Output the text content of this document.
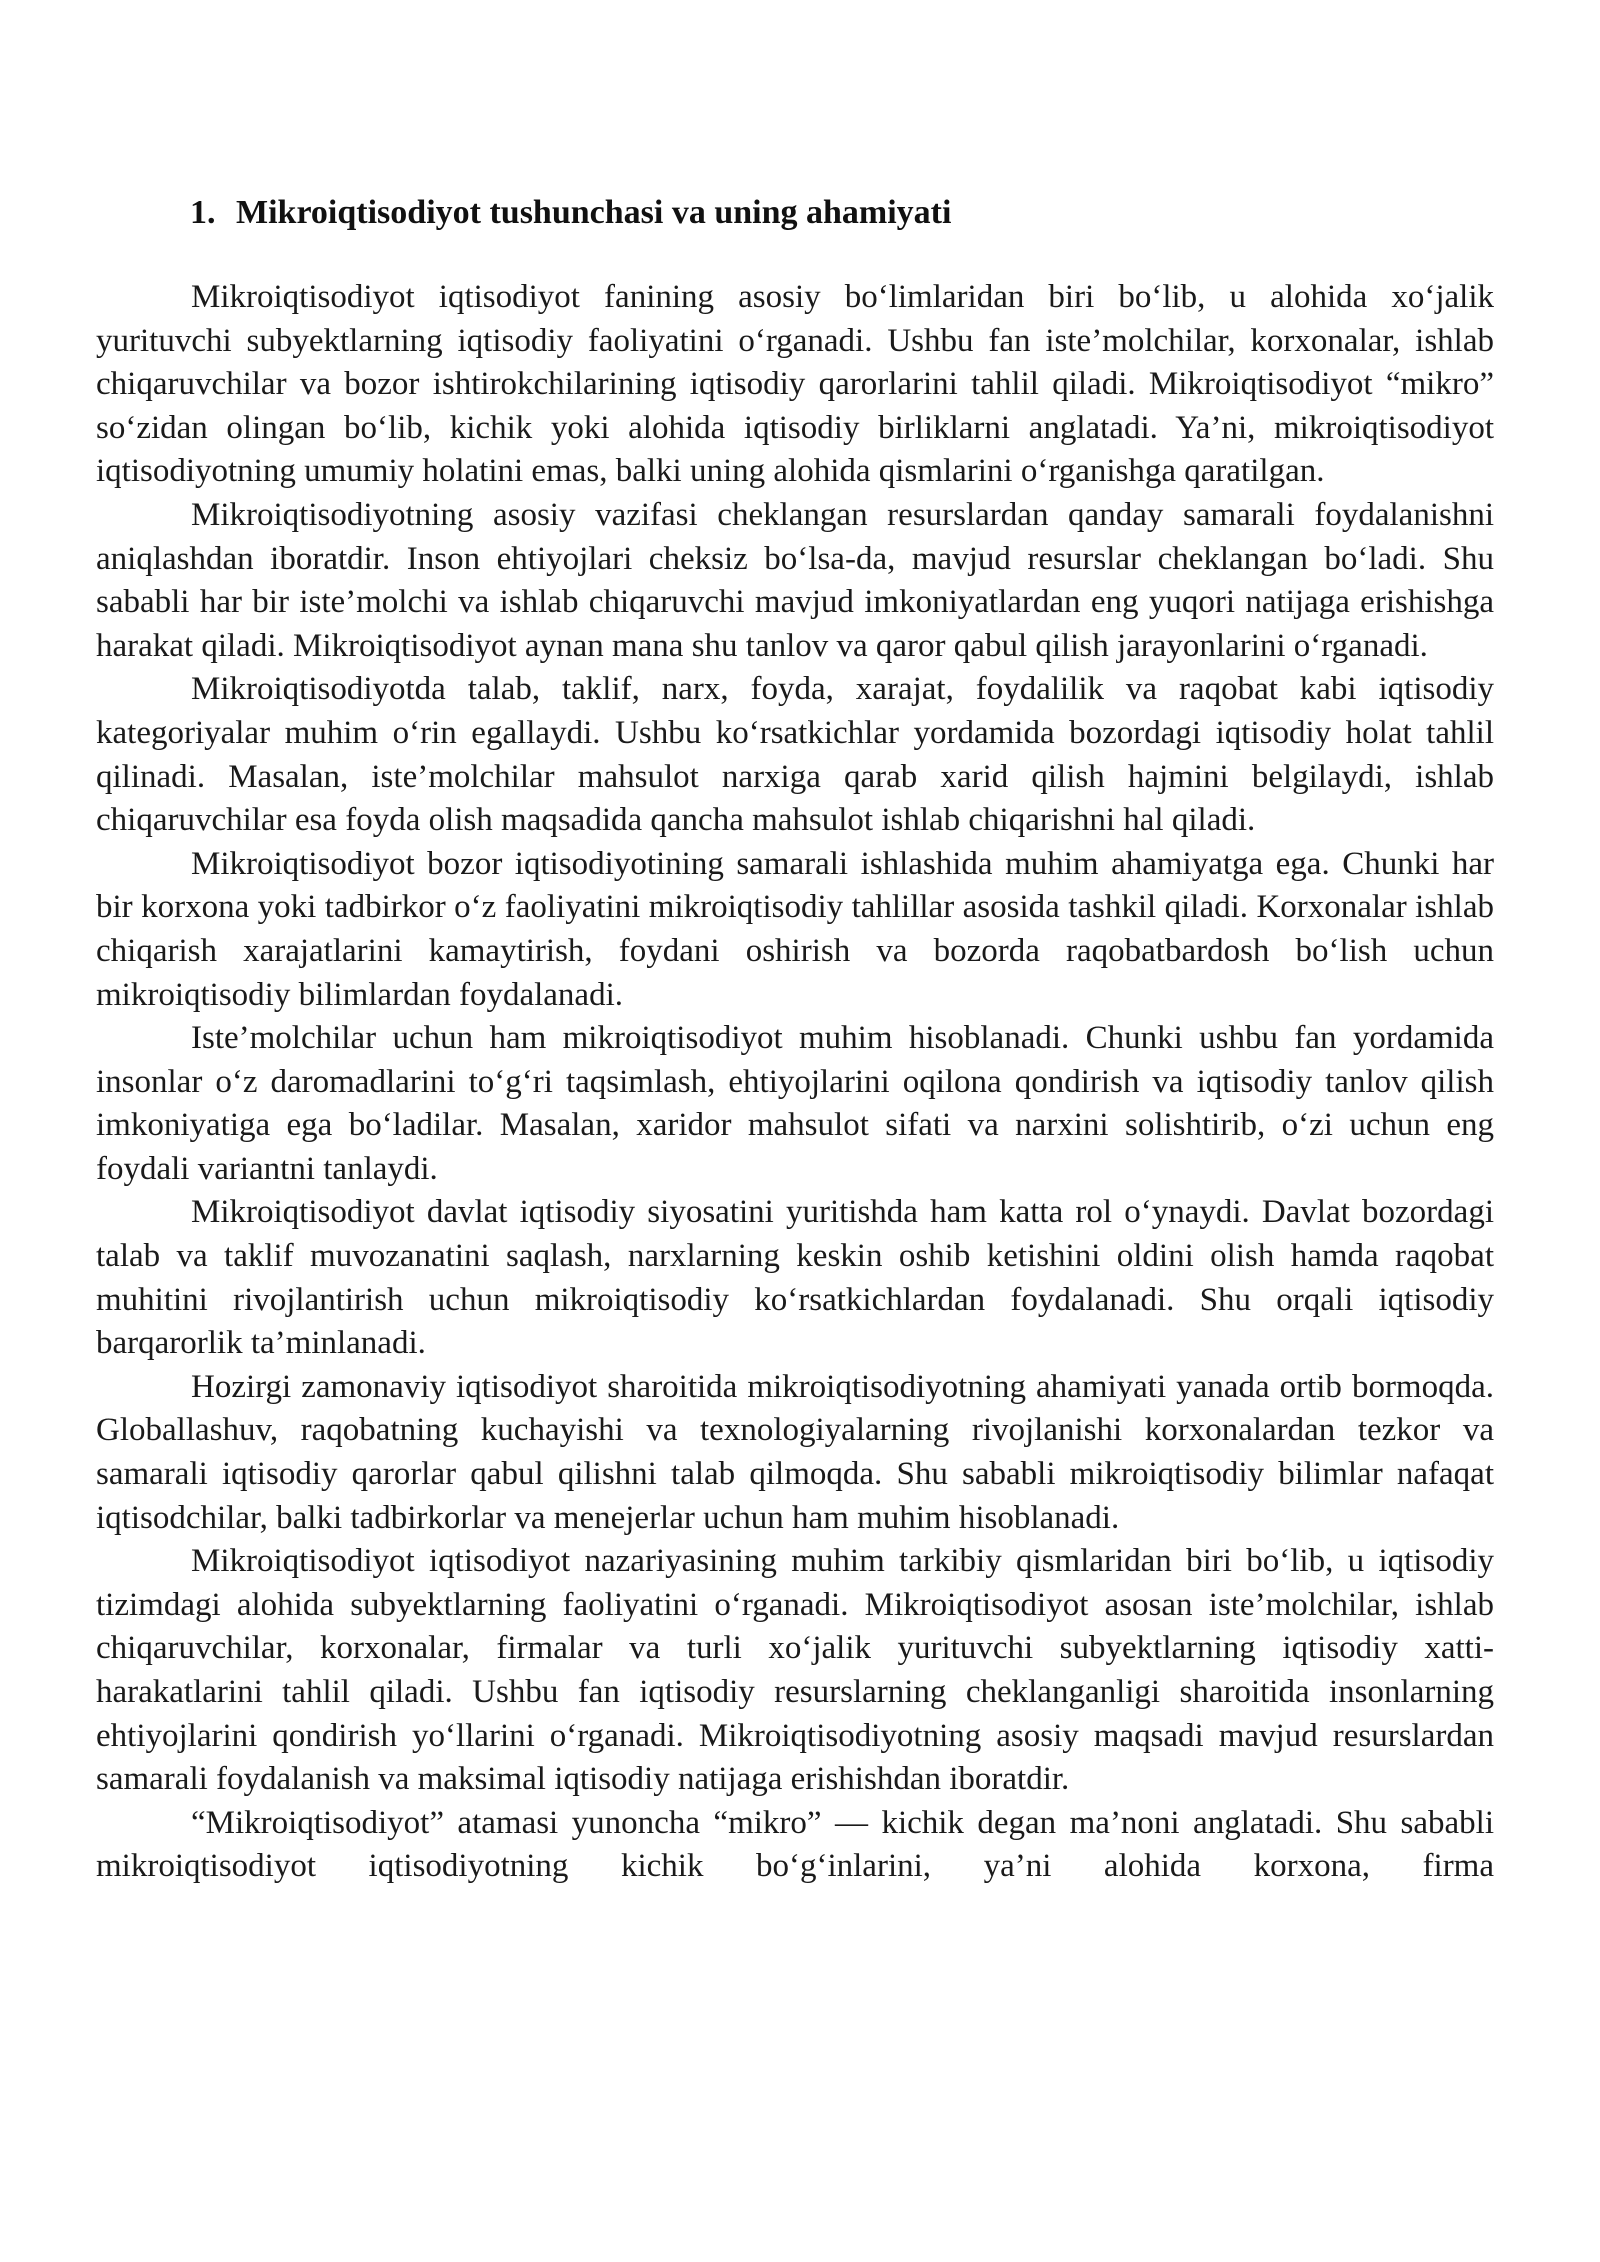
1. Mikroiqtisodiyot tushunchasi va uning ahamiyati

Mikroiqtisodiyot iqtisodiyot fanining asosiy bo‘limlaridan biri bo‘lib, u alohida xo‘jalik yurituvchi subyektlarning iqtisodiy faoliyatini o‘rganadi. Ushbu fan iste’molchilar, korxonalar, ishlab chiqaruvchilar va bozor ishtirokchilarining iqtisodiy qarorlarini tahlil qiladi. Mikroiqtisodiyot “mikro” so‘zidan olingan bo‘lib, kichik yoki alohida iqtisodiy birliklarni anglatadi. Ya’ni, mikroiqtisodiyot iqtisodiyotning umumiy holatini emas, balki uning alohida qismlarini o‘rganishga qaratilgan.

Mikroiqtisodiyotning asosiy vazifasi cheklangan resurslardan qanday samarali foydalanishni aniqlashdan iboratdir. Inson ehtiyojlari cheksiz bo‘lsa-da, mavjud resurslar cheklangan bo‘ladi. Shu sababli har bir iste’molchi va ishlab chiqaruvchi mavjud imkoniyatlardan eng yuqori natijaga erishishga harakat qiladi. Mikroiqtisodiyot aynan mana shu tanlov va qaror qabul qilish jarayonlarini o‘rganadi.

Mikroiqtisodiyotda talab, taklif, narx, foyda, xarajat, foydalilik va raqobat kabi iqtisodiy kategoriyalar muhim o‘rin egallaydi. Ushbu ko‘rsatkichlar yordamida bozordagi iqtisodiy holat tahlil qilinadi. Masalan, iste’molchilar mahsulot narxiga qarab xarid qilish hajmini belgilaydi, ishlab chiqaruvchilar esa foyda olish maqsadida qancha mahsulot ishlab chiqarishni hal qiladi.

Mikroiqtisodiyot bozor iqtisodiyotining samarali ishlashida muhim ahamiyatga ega. Chunki har bir korxona yoki tadbirkor o‘z faoliyatini mikroiqtisodiy tahlillar asosida tashkil qiladi. Korxonalar ishlab chiqarish xarajatlarini kamaytirish, foydani oshirish va bozorda raqobatbardosh bo‘lish uchun mikroiqtisodiy bilimlardan foydalanadi.

Iste’molchilar uchun ham mikroiqtisodiyot muhim hisoblanadi. Chunki ushbu fan yordamida insonlar o‘z daromadlarini to‘g‘ri taqsimlash, ehtiyojlarini oqilona qondirish va iqtisodiy tanlov qilish imkoniyatiga ega bo‘ladilar. Masalan, xaridor mahsulot sifati va narxini solishtirib, o‘zi uchun eng foydali variantni tanlaydi.

Mikroiqtisodiyot davlat iqtisodiy siyosatini yuritishda ham katta rol o‘ynaydi. Davlat bozordagi talab va taklif muvozanatini saqlash, narxlarning keskin oshib ketishini oldini olish hamda raqobat muhitini rivojlantirish uchun mikroiqtisodiy ko‘rsatkichlardan foydalanadi. Shu orqali iqtisodiy barqarorlik ta’minlanadi.

Hozirgi zamonaviy iqtisodiyot sharoitida mikroiqtisodiyotning ahamiyati yanada ortib bormoqda. Globallashuv, raqobatning kuchayishi va texnologiyalarning rivojlanishi korxonalardan tezkor va samarali iqtisodiy qarorlar qabul qilishni talab qilmoqda. Shu sababli mikroiqtisodiy bilimlar nafaqat iqtisodchilar, balki tadbirkorlar va menejerlar uchun ham muhim hisoblanadi.

Mikroiqtisodiyot iqtisodiyot nazariyasining muhim tarkibiy qismlaridan biri bo‘lib, u iqtisodiy tizimdagi alohida subyektlarning faoliyatini o‘rganadi. Mikroiqtisodiyot asosan iste’molchilar, ishlab chiqaruvchilar, korxonalar, firmalar va turli xo‘jalik yurituvchi subyektlarning iqtisodiy xatti-harakatlarini tahlil qiladi. Ushbu fan iqtisodiy resurslarning cheklanganligi sharoitida insonlarning ehtiyojlarini qondirish yo‘llarini o‘rganadi. Mikroiqtisodiyotning asosiy maqsadi mavjud resurslardan samarali foydalanish va maksimal iqtisodiy natijaga erishishdan iboratdir.

“Mikroiqtisodiyot” atamasi yunoncha “mikro” — kichik degan ma’noni anglatadi. Shu sababli mikroiqtisodiyot iqtisodiyotning kichik bo‘g‘inlarini, ya’ni alohida korxona, firma
